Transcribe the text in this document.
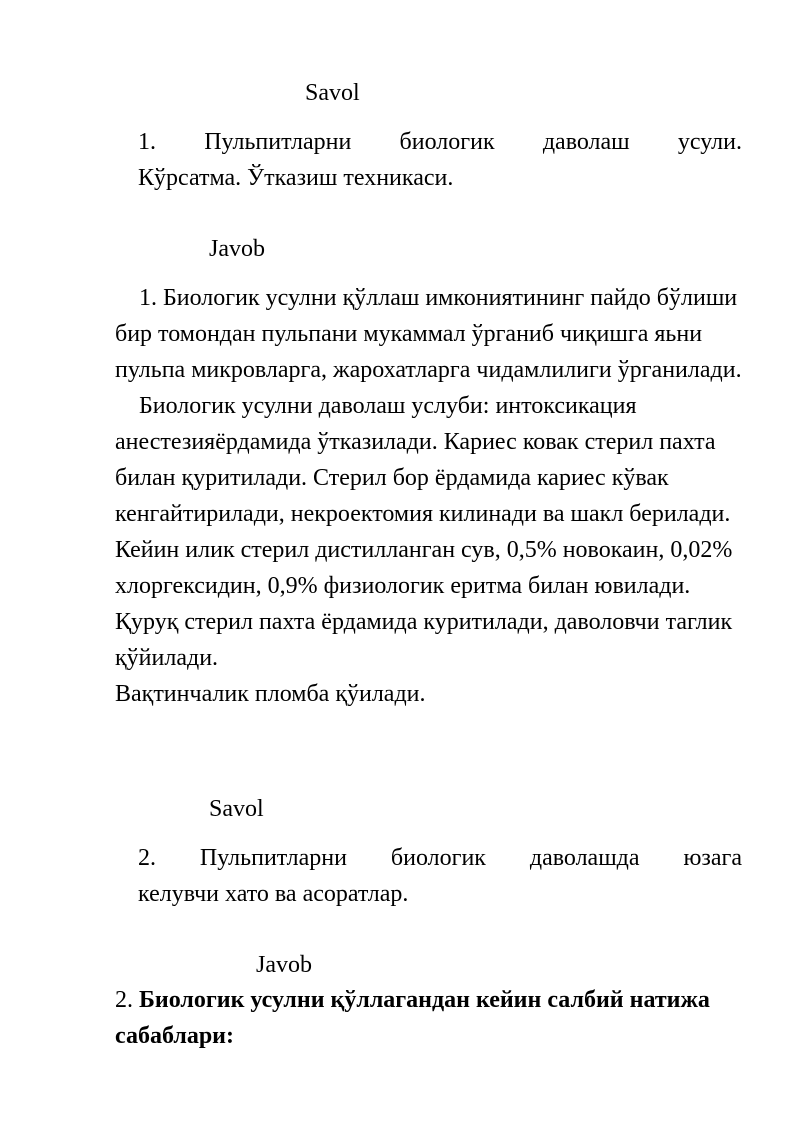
Savol
1. Пульпитларни биологик даволаш усули.
Кўрсатма. Ўтказиш техникаси.
Javob

1. Биологик усулни қўллаш имкониятининг пайдо бўлиши бир томондан пульпани мукаммал ўрганиб чиқишга яьни пульпа микровларга, жарохатларга чидамлилиги ўрганилади.

Биологик усулни даволаш услуби: интоксикация анестезияёрдамида ўтказилади. Кариес ковак стерил пахта билан қуритилади. Стерил бор ёрдамида кариес кўвак кенгайтирилади, некроектомия килинади ва шакл берилади. Кейин илик стерил дистилланган сув, 0,5% новокаин, 0,02% хлоргексидин, 0,9% физиологик еритма билан ювилади. Қуруқ стерил пахта ёрдамида куритилади, даволовчи таглик қўйилади.

Вақтинчалик пломба қўилади.

Savol
2. Пульпитларни биологик даволашда юзага
келувчи хато ва асоратлар.
Javob

2. Биологик усулни қўллагандан кейин салбий натижа сабаблари:
